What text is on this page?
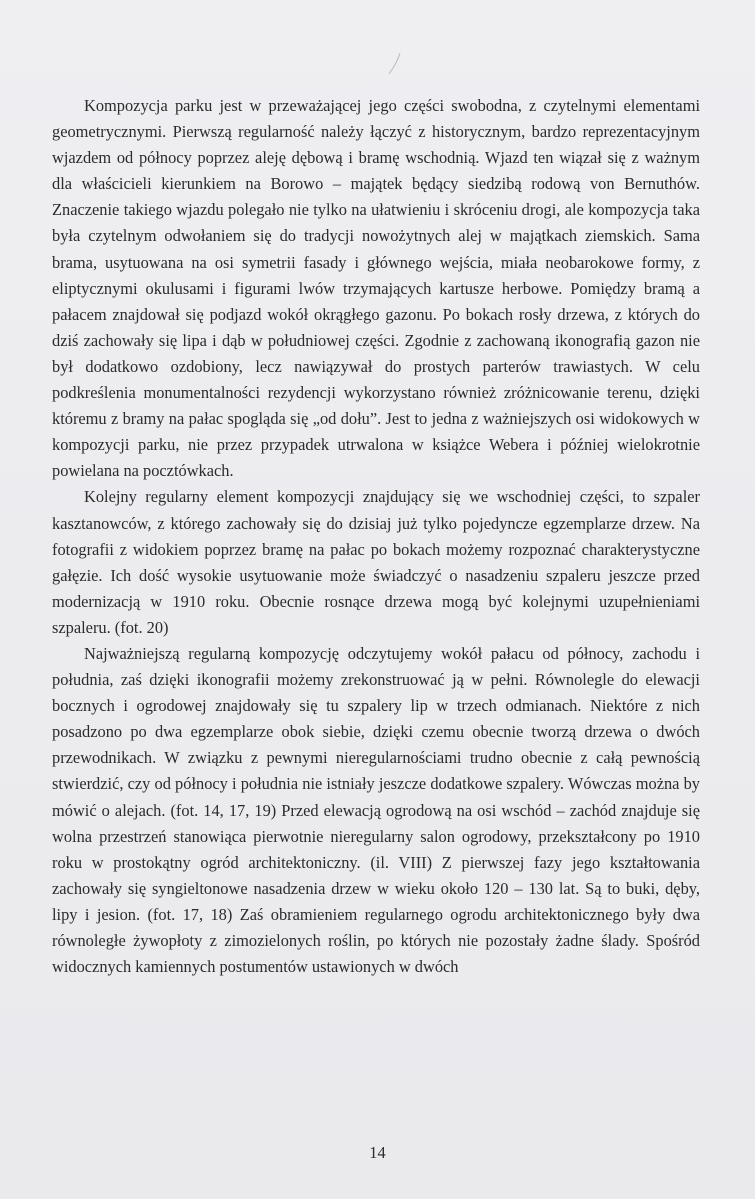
Kompozycja parku jest w przeważającej jego części swobodna, z czytelnymi elementami geometrycznymi. Pierwszą regularność należy łączyć z historycznym, bardzo reprezentacyjnym wjazdem od północy poprzez aleję dębową i bramę wschodnią. Wjazd ten wiązał się z ważnym dla właścicieli kierunkiem na Borowo – majątek będący siedzibą rodową von Bernuthów. Znaczenie takiego wjazdu polegało nie tylko na ułatwieniu i skróceniu drogi, ale kompozycja taka była czytelnym odwołaniem się do tradycji nowożytnych alej w majątkach ziemskich. Sama brama, usytuowana na osi symetrii fasady i głównego wejścia, miała neobarokowe formy, z eliptycznymi okulusami i figurami lwów trzymających kartusze herbowe. Pomiędzy bramą a pałacem znajdował się podjazd wokół okrągłego gazonu. Po bokach rosły drzewa, z których do dziś zachowały się lipa i dąb w południowej części. Zgodnie z zachowaną ikonografią gazon nie był dodatkowo ozdobiony, lecz nawiązywał do prostych parterów trawiastych. W celu podkreślenia monumentalności rezydencji wykorzystano również zróżnicowanie terenu, dzięki któremu z bramy na pałac spogląda się „od dołu”. Jest to jedna z ważniejszych osi widokowych w kompozycji parku, nie przez przypadek utrwalona w książce Webera i później wielokrotnie powielana na pocztówkach.

Kolejny regularny element kompozycji znajdujący się we wschodniej części, to szpaler kasztanowców, z którego zachowały się do dzisiaj już tylko pojedyncze egzemplarze drzew. Na fotografii z widokiem poprzez bramę na pałac po bokach możemy rozpoznać charakterystyczne gałęzie. Ich dość wysokie usytuowanie może świadczyć o nasadzeniu szpaleru jeszcze przed modernizacją w 1910 roku. Obecnie rosnące drzewa mogą być kolejnymi uzupełnieniami szpaleru. (fot. 20)

Najważniejszą regularną kompozycję odczytujemy wokół pałacu od północy, zachodu i południa, zaś dzięki ikonografii możemy zrekonstruować ją w pełni. Równolegle do elewacji bocznych i ogrodowej znajdowały się tu szpalery lip w trzech odmianach. Niektóre z nich posadzono po dwa egzemplarze obok siebie, dzięki czemu obecnie tworzą drzewa o dwóch przewodnikach. W związku z pewnymi nieregularnościami trudno obecnie z całą pewnością stwierdzić, czy od północy i południa nie istniały jeszcze dodatkowe szpalery. Wówczas można by mówić o alejach. (fot. 14, 17, 19) Przed elewacją ogrodową na osi wschód – zachód znajduje się wolna przestrzeń stanowiąca pierwotnie nieregularny salon ogrodowy, przekształcony po 1910 roku w prostokątny ogród architektoniczny. (il. VIII) Z pierwszej fazy jego kształtowania zachowały się syngieltonowe nasadzenia drzew w wieku około 120 – 130 lat. Są to buki, dęby, lipy i jesion. (fot. 17, 18) Zaś obramieniem regularnego ogrodu architektonicznego były dwa równoległe żywopłoty z zimozielonych roślin, po których nie pozostały żadne ślady. Spośród widocznych kamiennych postumentów ustawionych w dwóch

14
